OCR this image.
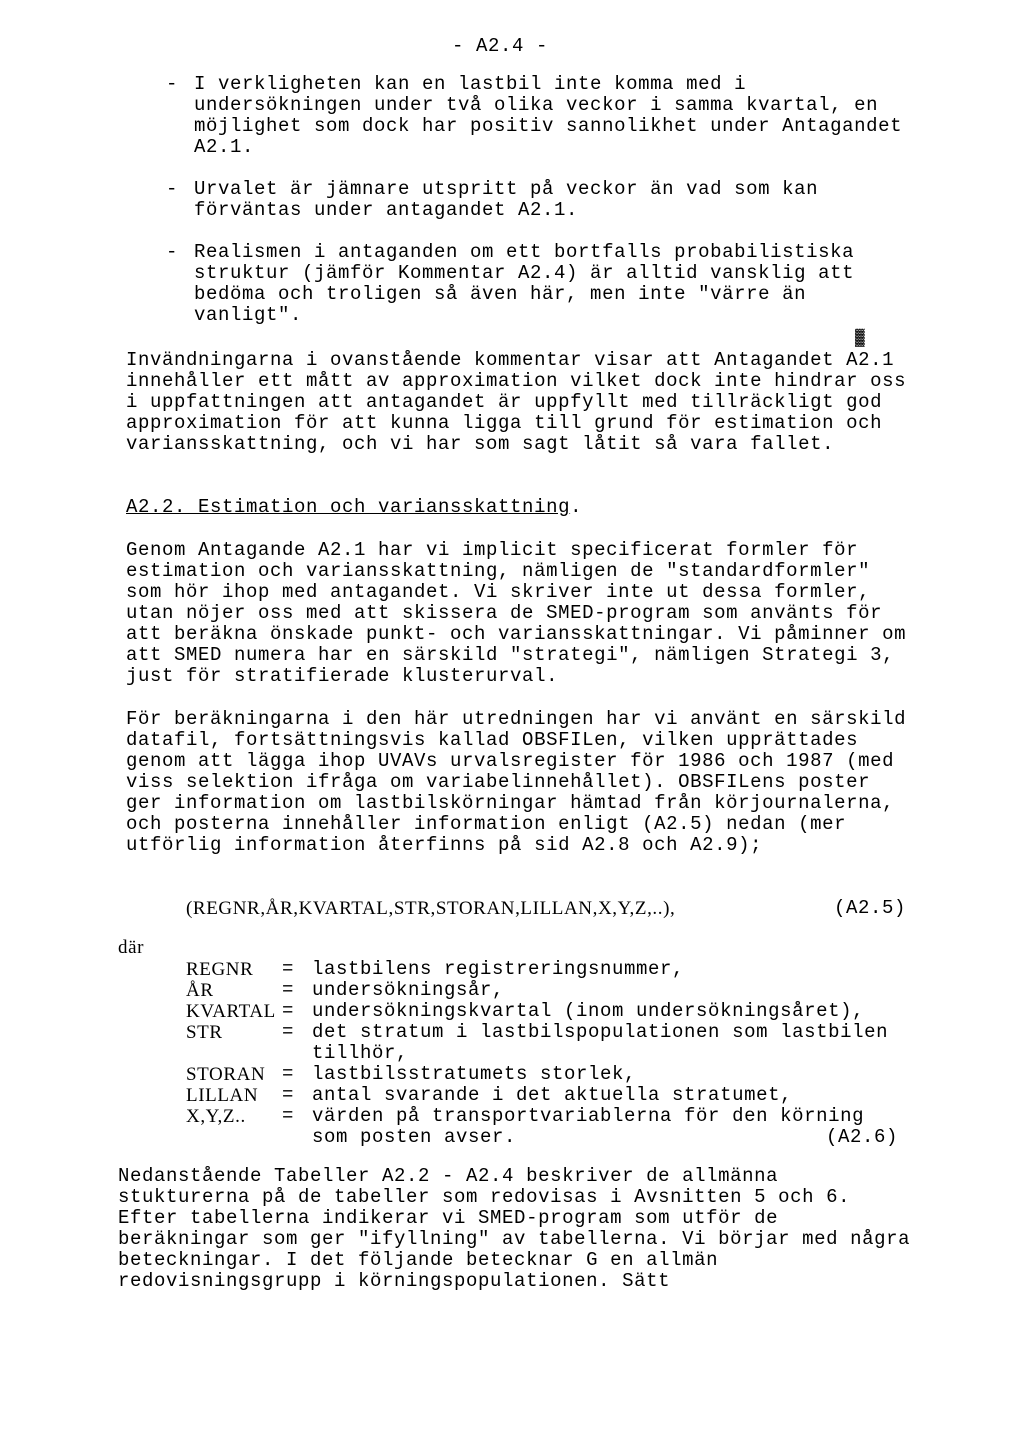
- A2.4 -
- I verkligheten kan en lastbil inte komma med i undersökningen under två olika veckor i samma kvartal, en möjlighet som dock har positiv sannolikhet under Antagandet A2.1.
- Urvalet är jämnare utspritt på veckor än vad som kan förväntas under antagandet A2.1.
- Realismen i antaganden om ett bortfalls probabilistiska struktur (jämför Kommentar A2.4) är alltid vansklig att bedöma och troligen så även här, men inte "värre än vanligt".
▓

Invändningarna i ovanstående kommentar visar att Antagandet A2.1 innehåller ett mått av approximation vilket dock inte hindrar oss i uppfattningen att antagandet är uppfyllt med tillräckligt god approximation för att kunna ligga till grund för estimation och variansskattning, och vi har som sagt låtit så vara fallet.

A2.2. Estimation och variansskattning.

Genom Antagande A2.1 har vi implicit specificerat formler för estimation och variansskattning, nämligen de "standardformler" som hör ihop med antagandet. Vi skriver inte ut dessa formler, utan nöjer oss med att skissera de SMED-program som använts för att beräkna önskade punkt- och variansskattningar. Vi påminner om att SMED numera har en särskild "strategi", nämligen Strategi 3, just för stratifierade klusterurval.

För beräkningarna i den här utredningen har vi använt en särskild datafil, fortsättningsvis kallad OBSFILen, vilken upprättades genom att lägga ihop UVAVs urvalsregister för 1986 och 1987 (med viss selektion ifråga om variabelinnehållet). OBSFILens poster ger information om lastbilskörningar hämtad från körjournalerna, och posterna innehåller information enligt (A2.5) nedan (mer utförlig information återfinns på sid A2.8 och A2.9);

(REGNR,ÅR,KVARTAL,STR,STORAN,LILLAN,X,Y,Z,..),	(A2.5)
där
REGNR	= lastbilens registreringsnummer,
ÅR	= undersökningsår,
KVARTAL = undersökningskvartal (inom undersökningsåret),
STR	= det stratum i lastbilspopulationen som lastbilen tillhör,
STORAN = lastbilsstratumets storlek,
LILLAN	= antal svarande i det aktuella stratumet,
X,Y,Z..	= värden på transportvariablerna för den körning som posten avser.	(A2.6)

Nedanstående Tabeller A2.2 - A2.4 beskriver de allmänna stukturerna på de tabeller som redovisas i Avsnitten 5 och 6. Efter tabellerna indikerar vi SMED-program som utför de beräkningar som ger "ifyllning" av tabellerna. Vi börjar med några beteckningar. I det följande betecknar G en allmän redovisningsgrupp i körningspopulationen. Sätt
